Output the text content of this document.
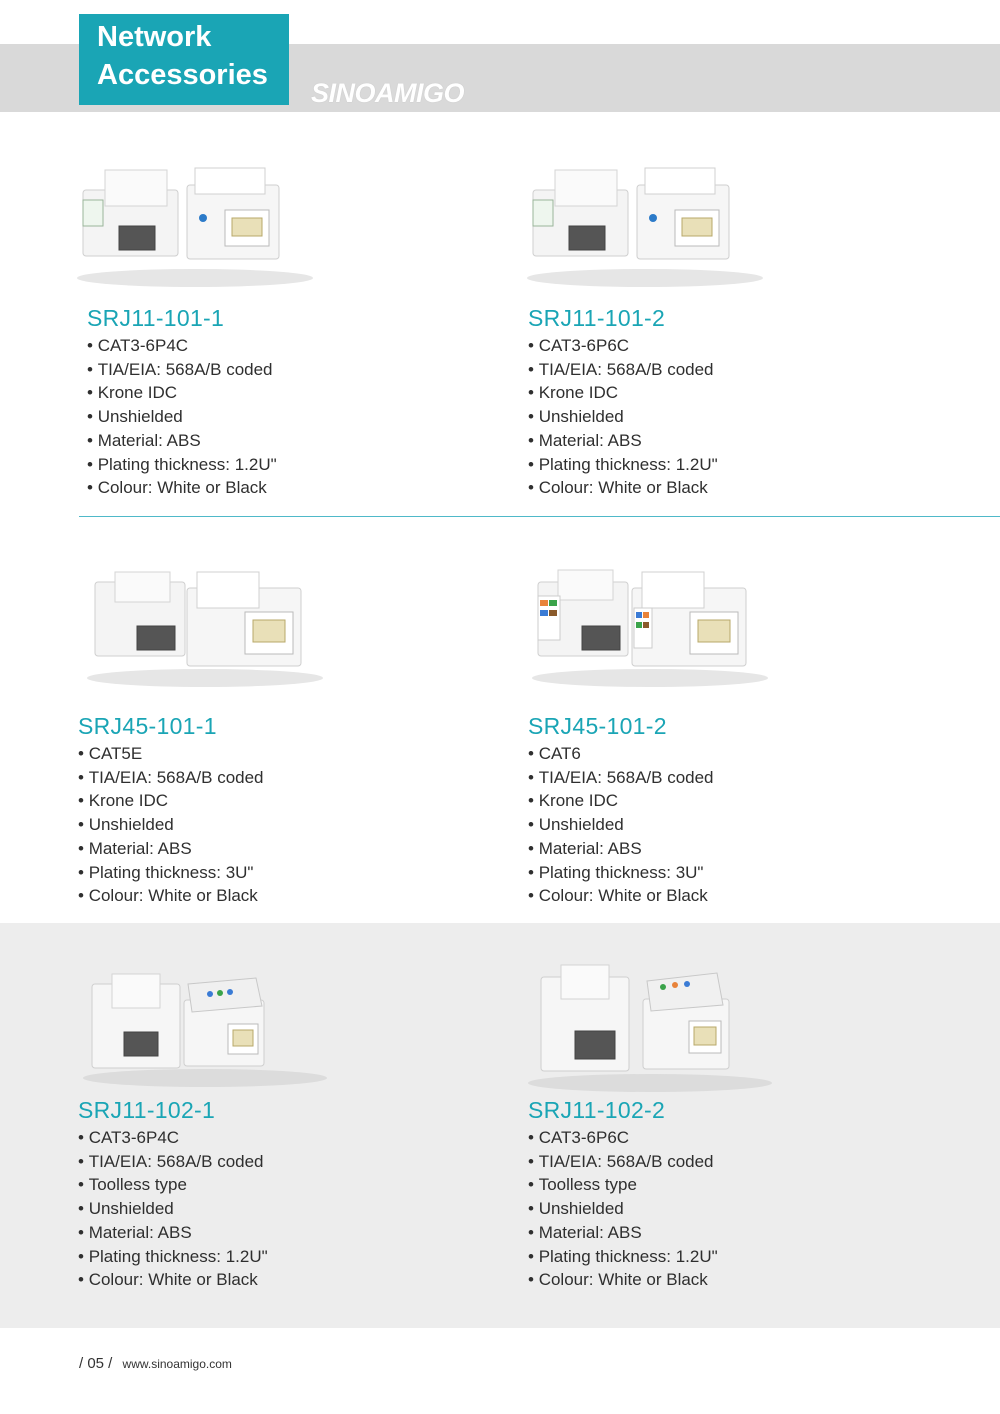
Network
Accessories
SINOAMIGO
SRJ11-101-1
• CAT3-6P4C
• TIA/EIA: 568A/B coded
• Krone IDC
• Unshielded
• Material: ABS
• Plating thickness: 1.2U"
• Colour: White or Black
SRJ11-101-2
• CAT3-6P6C
• TIA/EIA: 568A/B coded
• Krone IDC
• Unshielded
• Material: ABS
• Plating thickness: 1.2U"
• Colour: White or Black
SRJ45-101-1
• CAT5E
• TIA/EIA: 568A/B coded
• Krone IDC
• Unshielded
• Material: ABS
• Plating thickness: 3U"
• Colour: White or Black
SRJ45-101-2
• CAT6
• TIA/EIA: 568A/B coded
• Krone IDC
• Unshielded
• Material: ABS
• Plating thickness: 3U"
• Colour: White or Black
SRJ11-102-1
• CAT3-6P4C
• TIA/EIA: 568A/B coded
• Toolless type
• Unshielded
• Material: ABS
• Plating thickness: 1.2U"
• Colour: White or Black
SRJ11-102-2
• CAT3-6P6C
• TIA/EIA: 568A/B coded
• Toolless type
• Unshielded
• Material: ABS
• Plating thickness: 1.2U"
• Colour: White or Black
/ 05 / www.sinoamigo.com
